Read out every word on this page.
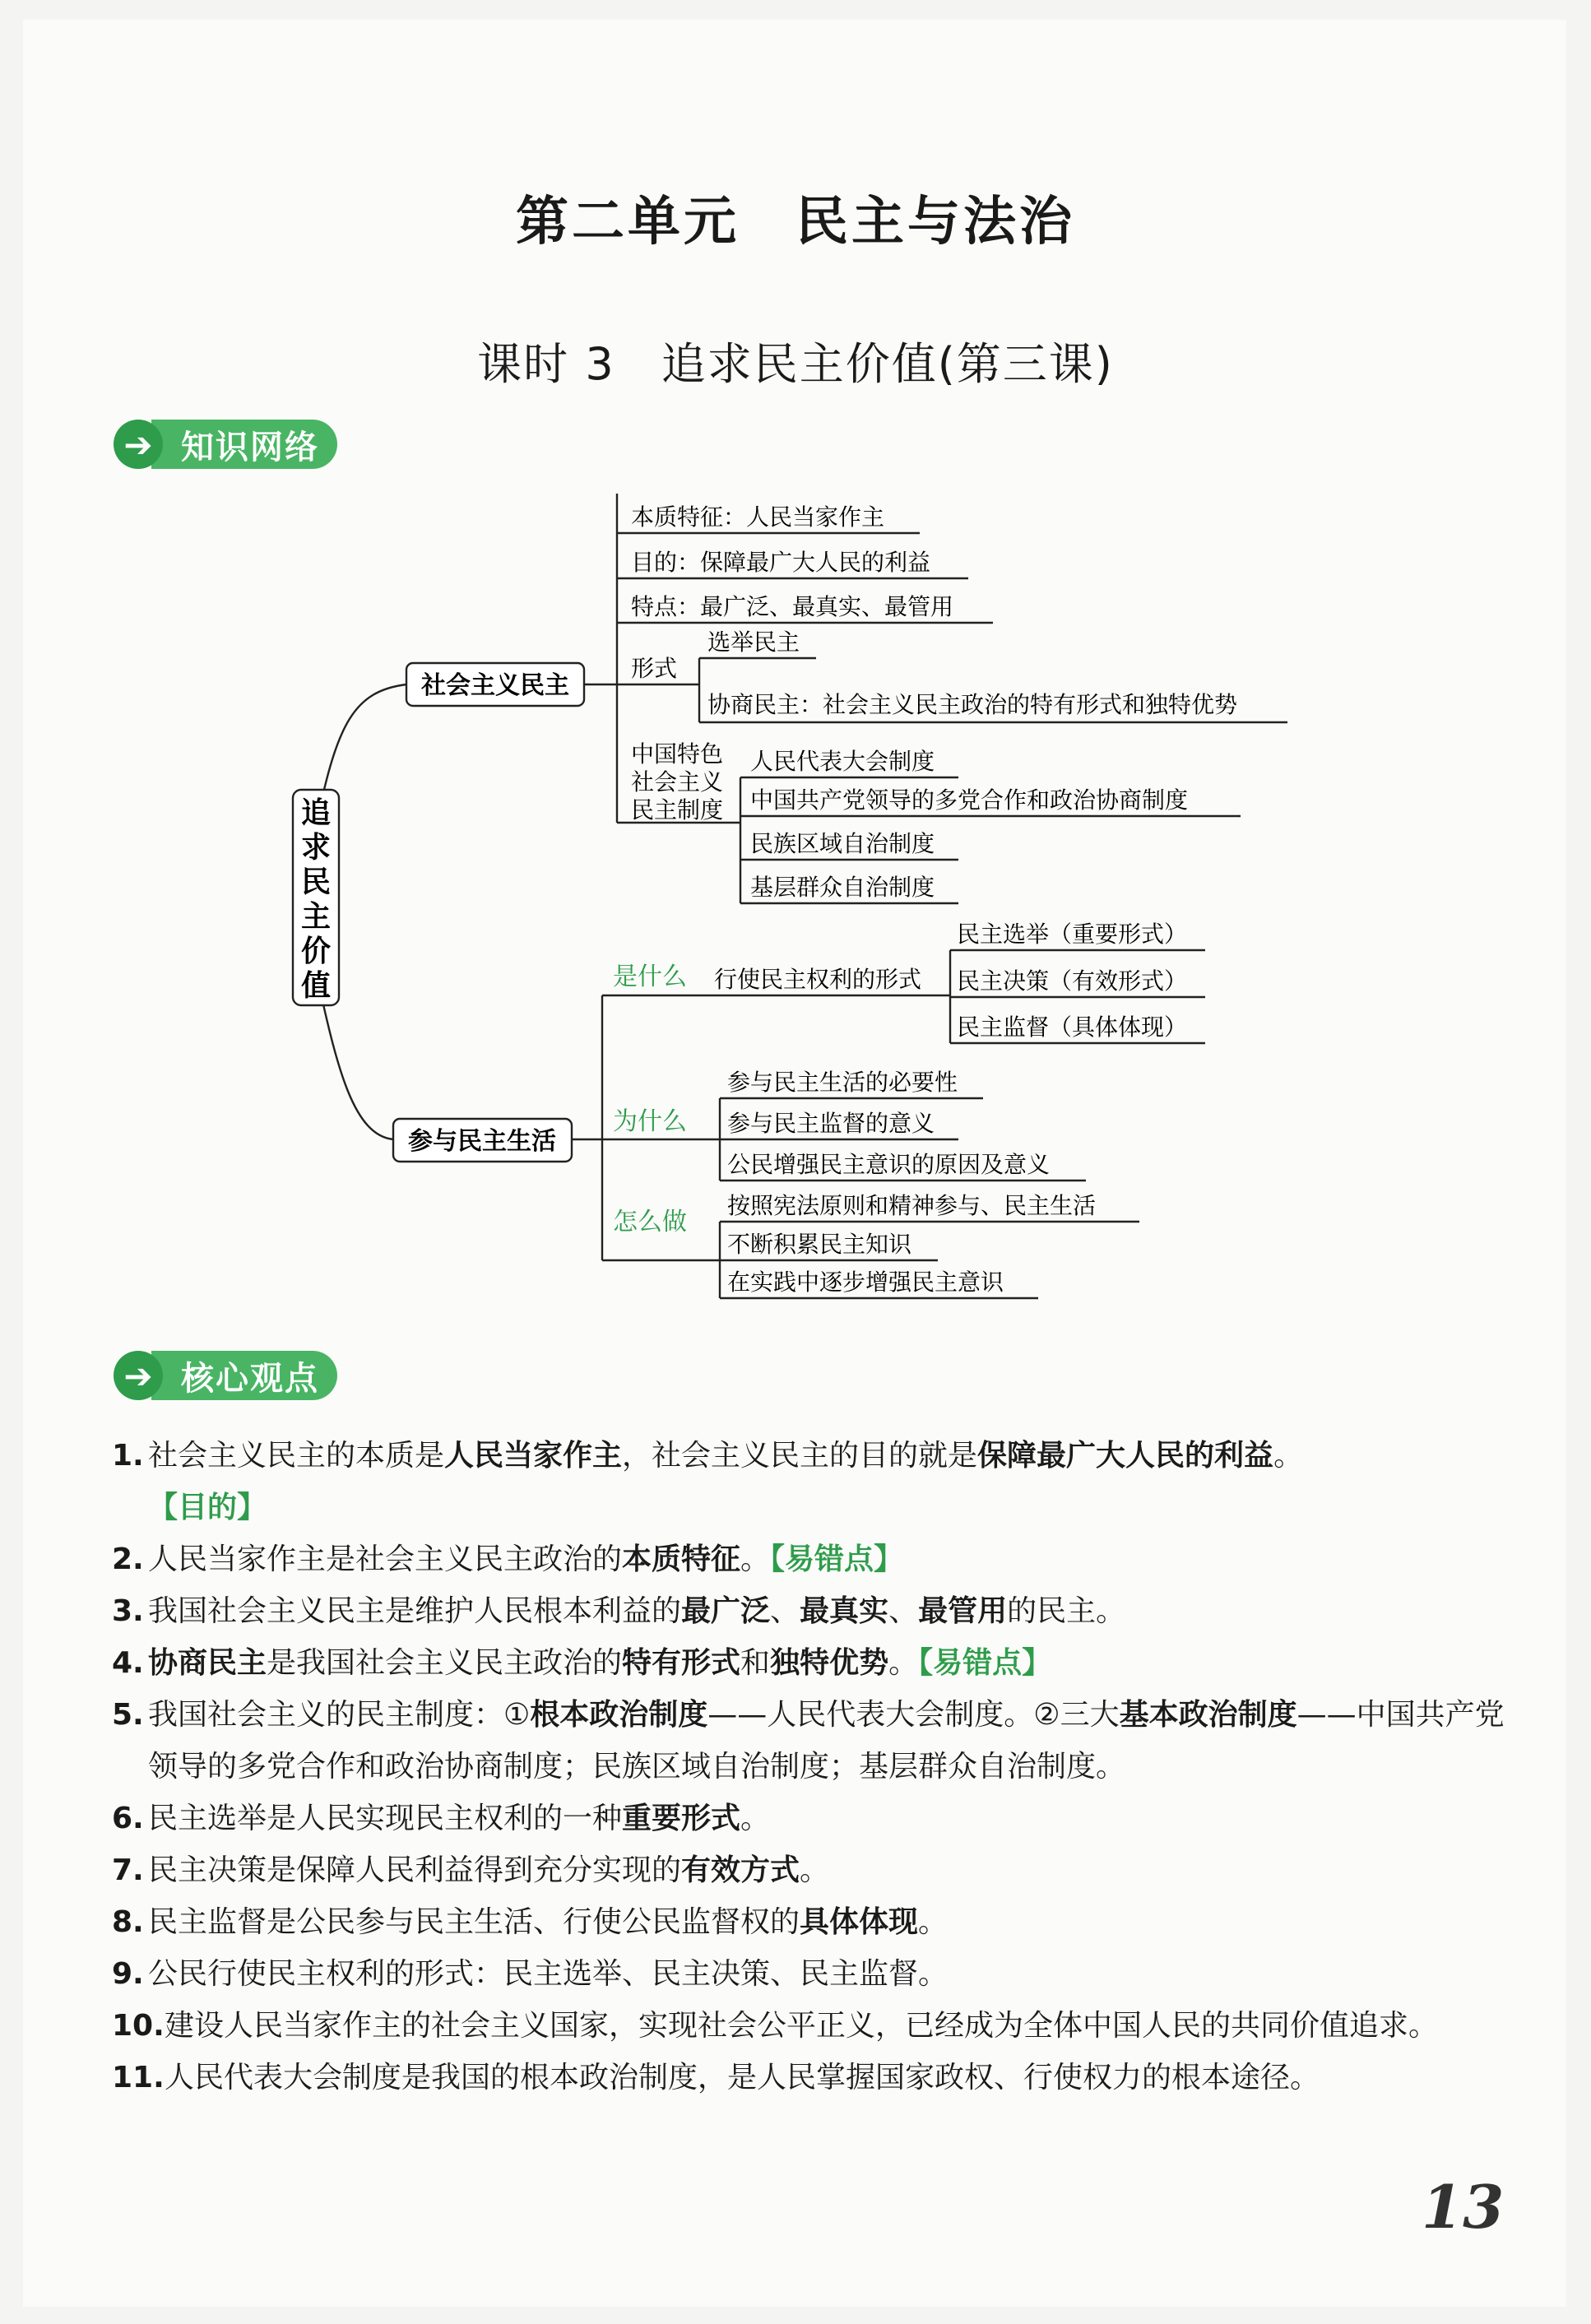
第二单元　民主与法治
课时 3　追求民主价值(第三课)
➔ 知识网络
追
求
民
主
价
值
社会主义民主
本质特征：人民当家作主
目的：保障最广大人民的利益
特点：最广泛、最真实、最管用
形式
选举民主
协商民主：社会主义民主政治的特有形式和独特优势
中国特色
社会主义
民主制度
人民代表大会制度
中国共产党领导的多党合作和政治协商制度
民族区域自治制度
基层群众自治制度
参与民主生活
是什么 行使民主权利的形式
民主选举（重要形式）
民主决策（有效形式）
民主监督（具体体现）
为什么
参与民主生活的必要性
参与民主监督的意义
公民增强民主意识的原因及意义
怎么做
按照宪法原则和精神参与、民主生活
不断积累民主知识
在实践中逐步增强民主意识
➔ 核心观点
1. 社会主义民主的本质是人民当家作主，社会主义民主的目的就是保障最广大人民的利益。
【目的】
2. 人民当家作主是社会主义民主政治的本质特征。【易错点】
3. 我国社会主义民主是维护人民根本利益的最广泛、最真实、最管用的民主。
4. 协商民主是我国社会主义民主政治的特有形式和独特优势。【易错点】
5. 我国社会主义的民主制度：①根本政治制度——人民代表大会制度。②三大基本政治制度——中国共产党领导的多党合作和政治协商制度；民族区域自治制度；基层群众自治制度。
6. 民主选举是人民实现民主权利的一种重要形式。
7. 民主决策是保障人民利益得到充分实现的有效方式。
8. 民主监督是公民参与民主生活、行使公民监督权的具体体现。
9. 公民行使民主权利的形式：民主选举、民主决策、民主监督。
10. 建设人民当家作主的社会主义国家，实现社会公平正义，已经成为全体中国人民的共同价值追求。
11. 人民代表大会制度是我国的根本政治制度，是人民掌握国家政权、行使权力的根本途径。
13
